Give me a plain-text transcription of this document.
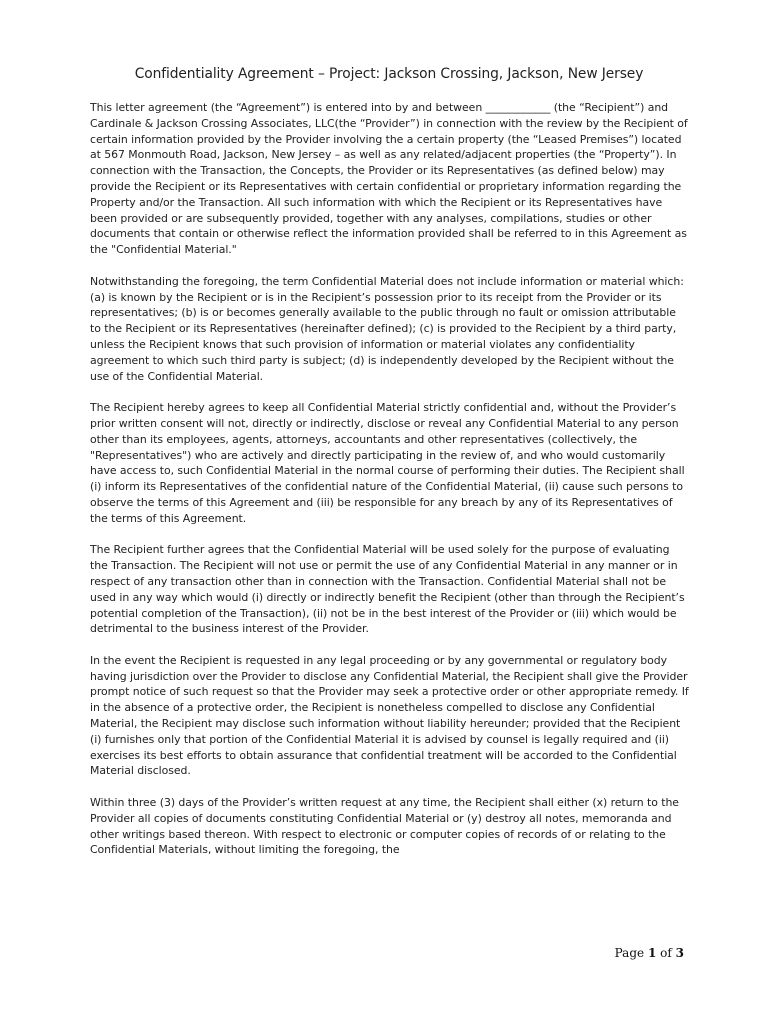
Confidentiality Agreement – Project: Jackson Crossing, Jackson, New Jersey

This letter agreement (the “Agreement”) is entered into by and between ____________ (the “Recipient”) and Cardinale & Jackson Crossing Associates, LLC(the “Provider”) in connection with the review by the Recipient of certain information provided by the Provider involving the a certain property (the “Leased Premises”) located at 567 Monmouth Road, Jackson, New Jersey – as well as any related/adjacent properties (the “Property”). In connection with the Transaction, the Concepts, the Provider or its Representatives (as defined below) may provide the Recipient or its Representatives with certain confidential or proprietary information regarding the Property and/or the Transaction. All such information with which the Recipient or its Representatives have been provided or are subsequently provided, together with any analyses, compilations, studies or other documents that contain or otherwise reflect the information provided shall be referred to in this Agreement as the "Confidential Material."

Notwithstanding the foregoing, the term Confidential Material does not include information or material which: (a) is known by the Recipient or is in the Recipient’s possession prior to its receipt from the Provider or its representatives; (b) is or becomes generally available to the public through no fault or omission attributable to the Recipient or its Representatives (hereinafter defined); (c) is provided to the Recipient by a third party, unless the Recipient knows that such provision of information or material violates any confidentiality agreement to which such third party is subject; (d) is independently developed by the Recipient without the use of the Confidential Material.

The Recipient hereby agrees to keep all Confidential Material strictly confidential and, without the Provider’s prior written consent will not, directly or indirectly, disclose or reveal any Confidential Material to any person other than its employees, agents, attorneys, accountants and other representatives (collectively, the "Representatives") who are actively and directly participating in the review of, and who would customarily have access to, such Confidential Material in the normal course of performing their duties. The Recipient shall (i) inform its Representatives of the confidential nature of the Confidential Material, (ii) cause such persons to observe the terms of this Agreement and (iii) be responsible for any breach by any of its Representatives of the terms of this Agreement.

The Recipient further agrees that the Confidential Material will be used solely for the purpose of evaluating the Transaction. The Recipient will not use or permit the use of any Confidential Material in any manner or in respect of any transaction other than in connection with the Transaction. Confidential Material shall not be used in any way which would (i) directly or indirectly benefit the Recipient (other than through the Recipient’s potential completion of the Transaction), (ii) not be in the best interest of the Provider or (iii) which would be detrimental to the business interest of the Provider.

In the event the Recipient is requested in any legal proceeding or by any governmental or regulatory body having jurisdiction over the Provider to disclose any Confidential Material, the Recipient shall give the Provider prompt notice of such request so that the Provider may seek a protective order or other appropriate remedy. If in the absence of a protective order, the Recipient is nonetheless compelled to disclose any Confidential Material, the Recipient may disclose such information without liability hereunder; provided that the Recipient (i) furnishes only that portion of the Confidential Material it is advised by counsel is legally required and (ii) exercises its best efforts to obtain assurance that confidential treatment will be accorded to the Confidential Material disclosed.

Within three (3) days of the Provider’s written request at any time, the Recipient shall either (x) return to the Provider all copies of documents constituting Confidential Material or (y) destroy all notes, memoranda and other writings based thereon. With respect to electronic or computer copies of records of or relating to the Confidential Materials, without limiting the foregoing, the

Page 1 of 3
